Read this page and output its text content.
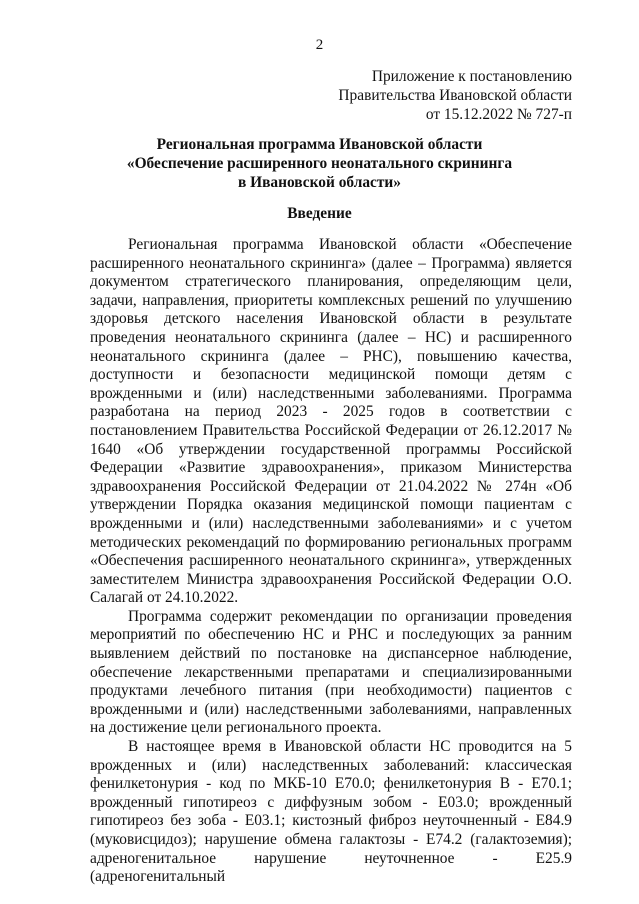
2
Приложение к постановлению
Правительства Ивановской области
от 15.12.2022 № 727-п
Региональная программа Ивановской области
«Обеспечение расширенного неонатального скрининга
в Ивановской области»
Введение

Региональная программа Ивановской области «Обеспечение расширенного неонатального скрининга» (далее – Программа) является документом стратегического планирования, определяющим цели, задачи, направления, приоритеты комплексных решений по улучшению здоровья детского населения Ивановской области в результате проведения неонатального скрининга (далее – НС) и расширенного неонатального скрининга (далее – РНС), повышению качества, доступности и безопасности медицинской помощи детям с врожденными и (или) наследственными заболеваниями. Программа разработана на период 2023 - 2025 годов в соответствии с постановлением Правительства Российской Федерации от 26.12.2017 № 1640 «Об утверждении государственной программы Российской Федерации «Развитие здравоохранения», приказом Министерства здравоохранения Российской Федерации от 21.04.2022 № 274н «Об утверждении Порядка оказания медицинской помощи пациентам с врожденными и (или) наследственными заболеваниями» и с учетом методических рекомендаций по формированию региональных программ «Обеспечения расширенного неонатального скрининга», утвержденных заместителем Министра здравоохранения Российской Федерации О.О. Салагай от 24.10.2022.

Программа содержит рекомендации по организации проведения мероприятий по обеспечению НС и РНС и последующих за ранним выявлением действий по постановке на диспансерное наблюдение, обеспечение лекарственными препаратами и специализированными продуктами лечебного питания (при необходимости) пациентов с врожденными и (или) наследственными заболеваниями, направленных на достижение цели регионального проекта.

В настоящее время в Ивановской области НС проводится на 5 врожденных и (или) наследственных заболеваний: классическая фенилкетонурия - код по МКБ-10 E70.0; фенилкетонурия B - E70.1; врожденный гипотиреоз с диффузным зобом - E03.0; врожденный гипотиреоз без зоба - E03.1; кистозный фиброз неуточненный - E84.9 (муковисцидоз); нарушение обмена галактозы - E74.2 (галактоземия); адреногенитальное нарушение неуточненное - E25.9 (адреногенитальный
